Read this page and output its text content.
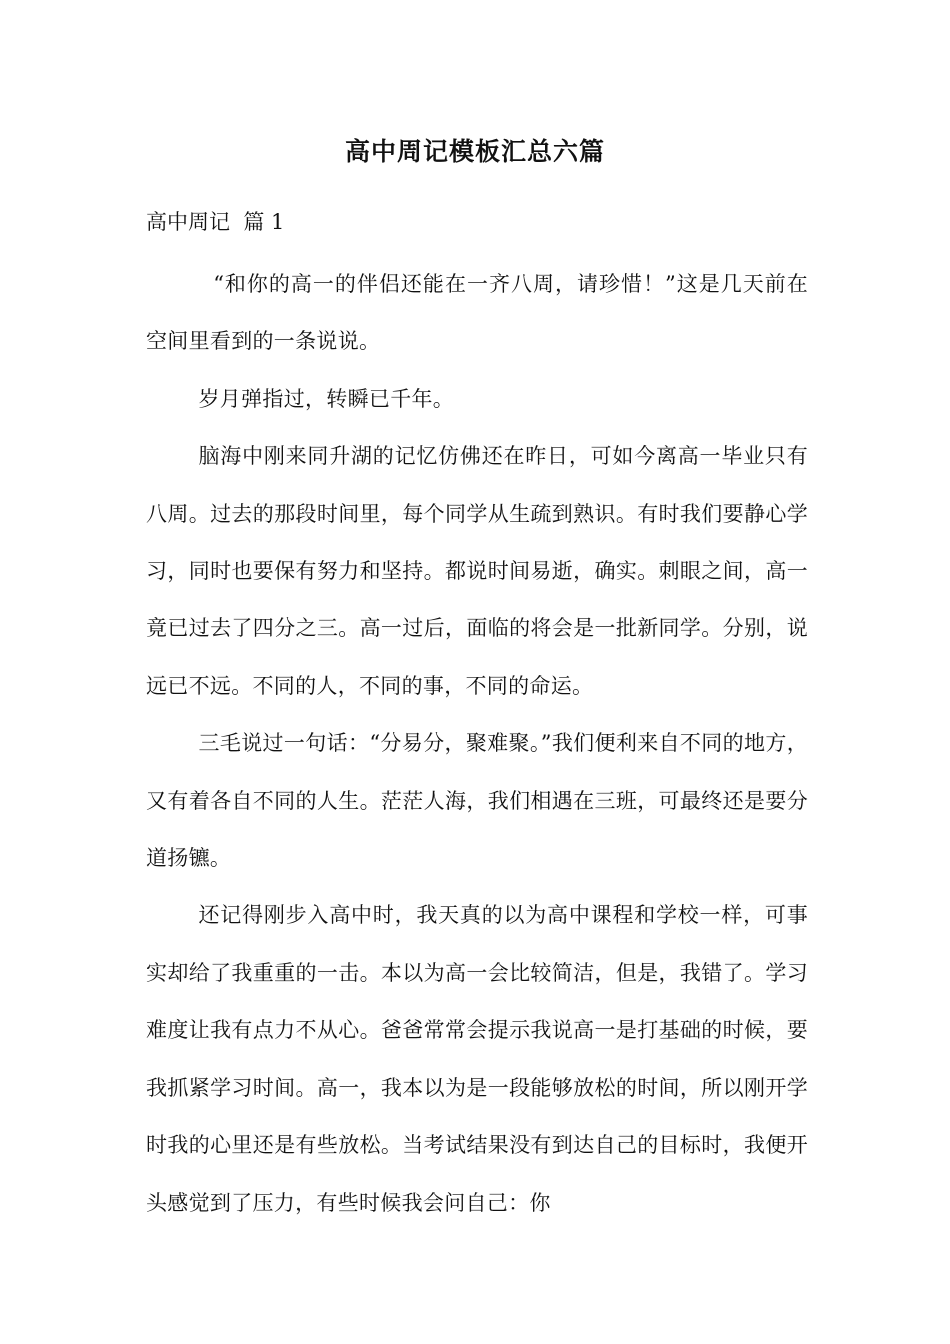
高中周记模板汇总六篇
高中周记  篇 1

“和你的高一的伴侣还能在一齐八周，请珍惜！”这是几天前在空间里看到的一条说说。

岁月弹指过，转瞬已千年。

脑海中刚来同升湖的记忆仿佛还在昨日，可如今离高一毕业只有八周。过去的那段时间里，每个同学从生疏到熟识。有时我们要静心学习，同时也要保有努力和坚持。都说时间易逝，确实。刺眼之间，高一竟已过去了四分之三。高一过后，面临的将会是一批新同学。分别，说远已不远。不同的人，不同的事，不同的命运。

三毛说过一句话：“分易分，聚难聚。”我们便利来自不同的地方，又有着各自不同的人生。茫茫人海，我们相遇在三班，可最终还是要分道扬镳。

还记得刚步入高中时，我天真的以为高中课程和学校一样，可事实却给了我重重的一击。本以为高一会比较简洁，但是，我错了。学习难度让我有点力不从心。爸爸常常会提示我说高一是打基础的时候，要我抓紧学习时间。高一，我本以为是一段能够放松的时间，所以刚开学时我的心里还是有些放松。当考试结果没有到达自己的目标时，我便开头感觉到了压力，有些时候我会问自己：你
